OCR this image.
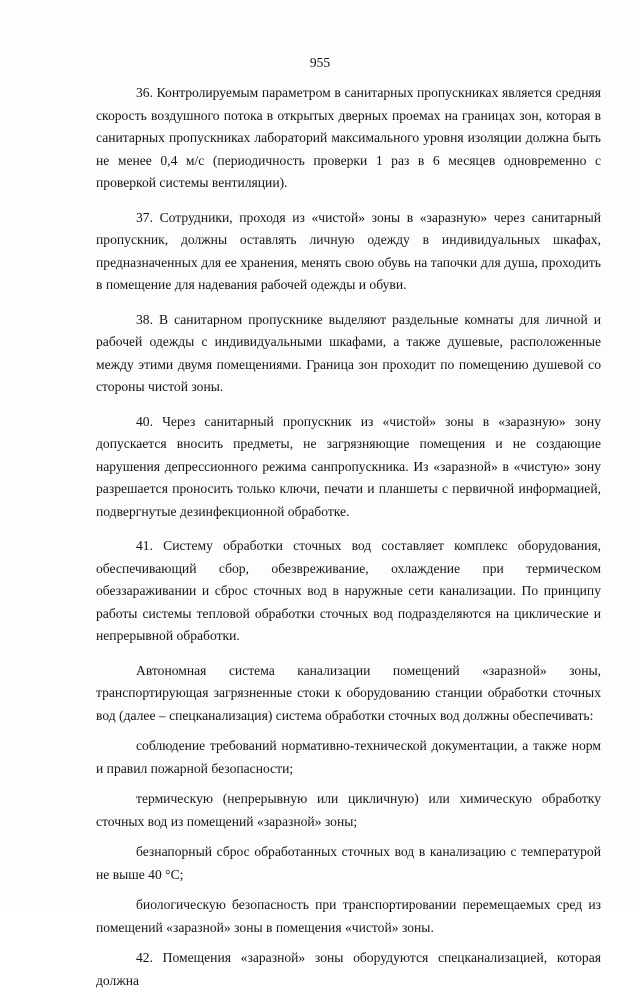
955

36. Контролируемым параметром в санитарных пропускниках является средняя скорость воздушного потока в открытых дверных проемах на границах зон, которая в санитарных пропускниках лабораторий максимального уровня изоляции должна быть не менее 0,4 м/с (периодичность проверки 1 раз в 6 месяцев одновременно с проверкой системы вентиляции).

37. Сотрудники, проходя из «чистой» зоны в «заразную» через санитарный пропускник, должны оставлять личную одежду в индивидуальных шкафах, предназначенных для ее хранения, менять свою обувь на тапочки для душа, проходить в помещение для надевания рабочей одежды и обуви.

38. В санитарном пропускнике выделяют раздельные комнаты для личной и рабочей одежды с индивидуальными шкафами, а также душевые, расположенные между этими двумя помещениями. Граница зон проходит по помещению душевой со стороны чистой зоны.

40. Через санитарный пропускник из «чистой» зоны в «заразную» зону допускается вносить предметы, не загрязняющие помещения и не создающие нарушения депрессионного режима санпропускника. Из «заразной» в «чистую» зону разрешается проносить только ключи, печати и планшеты с первичной информацией, подвергнутые дезинфекционной обработке.

41. Систему обработки сточных вод составляет комплекс оборудования, обеспечивающий сбор, обезвреживание, охлаждение при термическом обеззараживании и сброс сточных вод в наружные сети канализации. По принципу работы системы тепловой обработки сточных вод подразделяются на циклические и непрерывной обработки.

Автономная система канализации помещений «заразной» зоны, транспортирующая загрязненные стоки к оборудованию станции обработки сточных вод (далее – спецканализация) система обработки сточных вод должны обеспечивать:

соблюдение требований нормативно-технической документации, а также норм и правил пожарной безопасности;

термическую (непрерывную или цикличную) или химическую обработку сточных вод из помещений «заразной» зоны;

безнапорный сброс обработанных сточных вод в канализацию с температурой не выше 40 °С;

биологическую безопасность при транспортировании перемещаемых сред из помещений «заразной» зоны в помещения «чистой» зоны.

42. Помещения «заразной» зоны оборудуются спецканализацией, которая должна
